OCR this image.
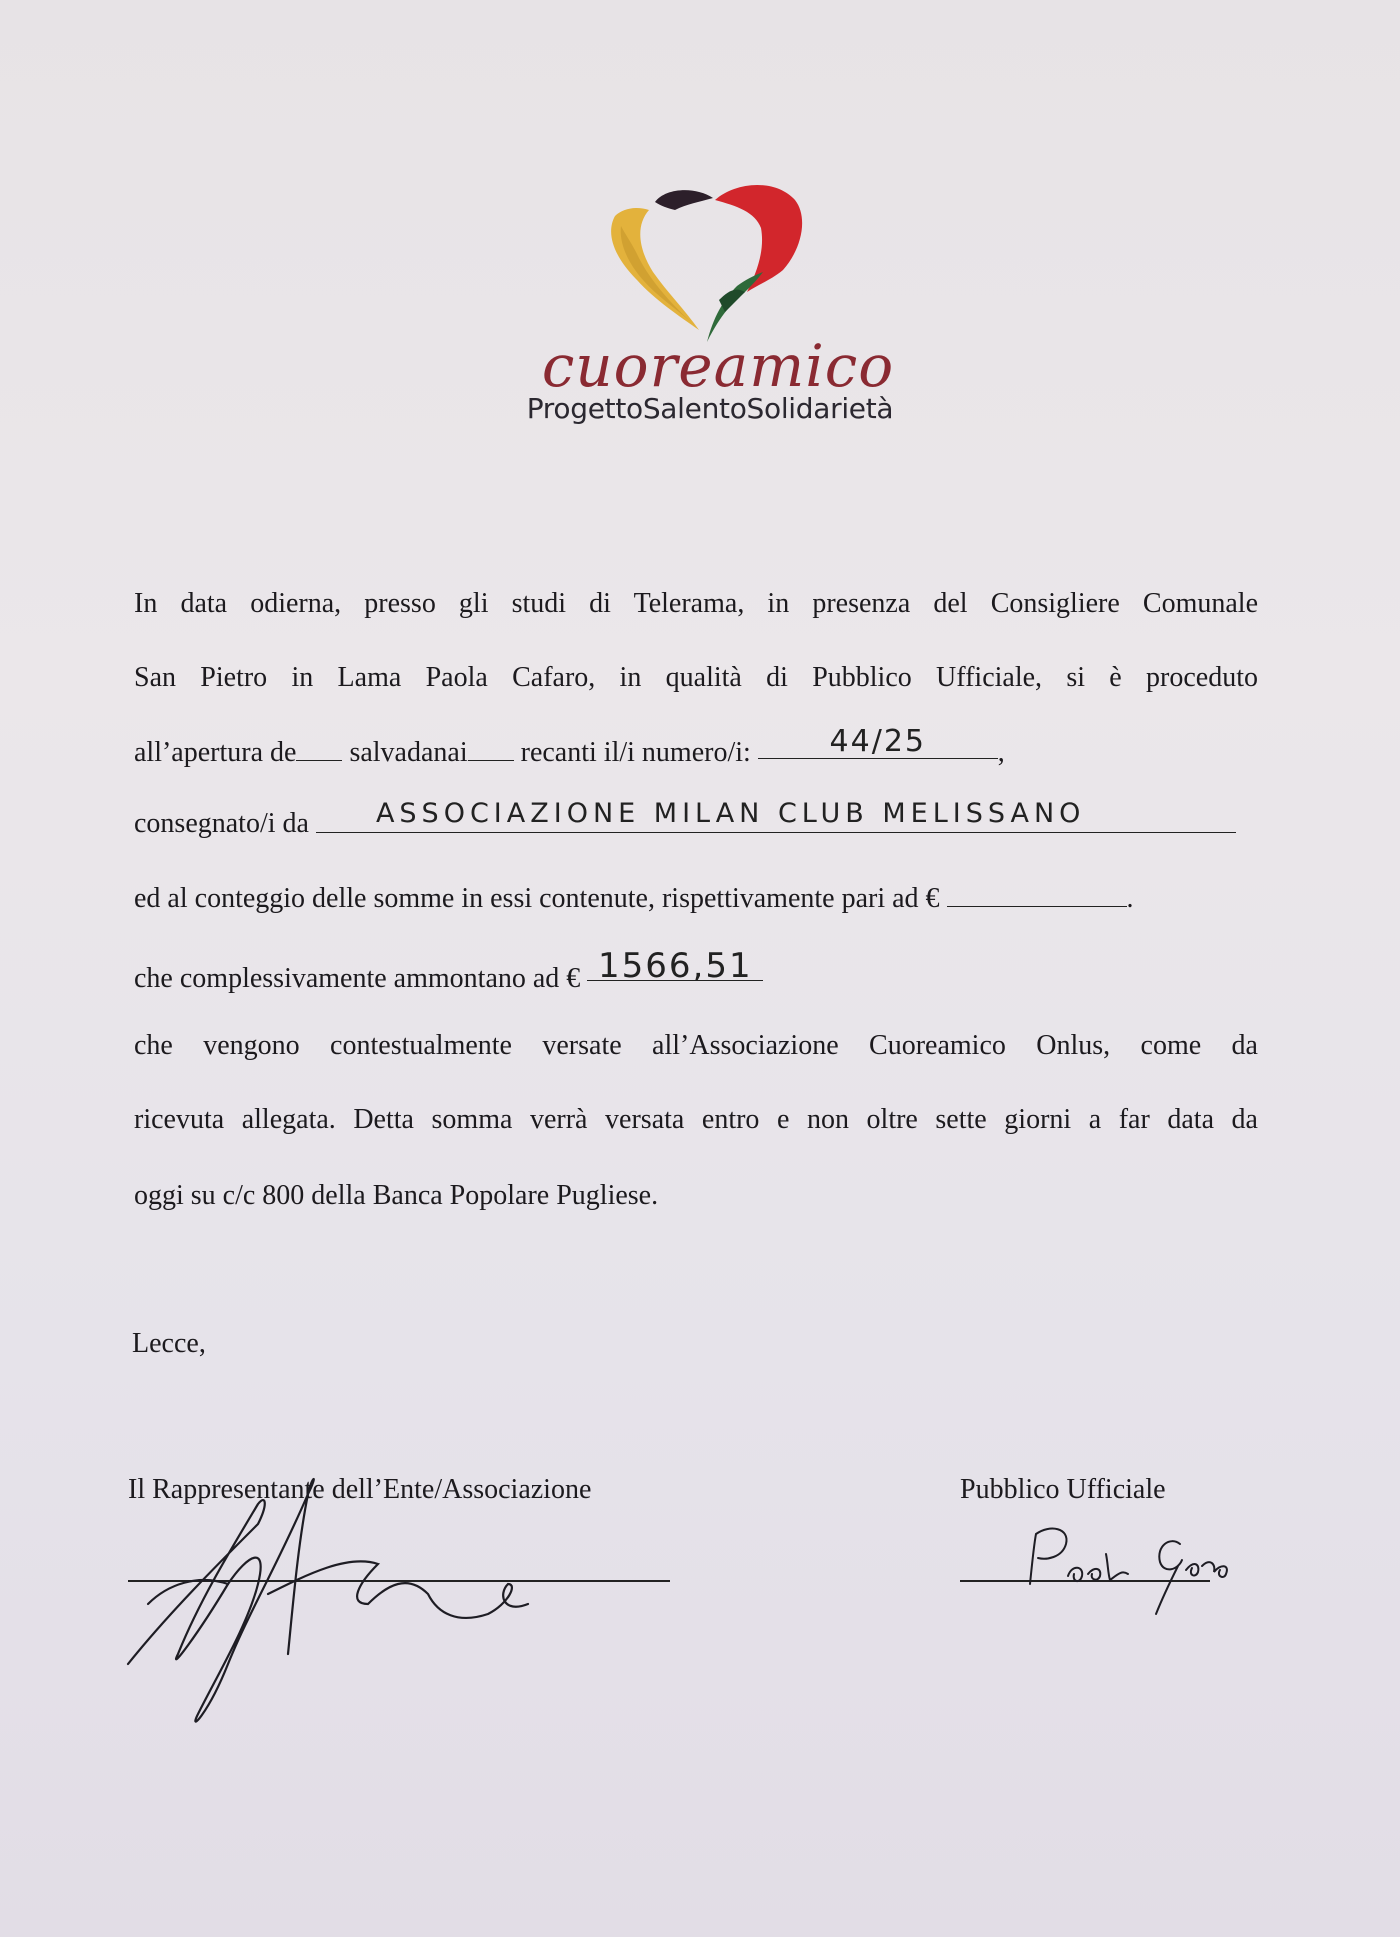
cuoreamico
ProgettoSalentoSolidarietà
In data odierna, presso gli studi di Telerama, in presenza del Consigliere Comunale
San Pietro in Lama Paola Cafaro, in qualità di Pubblico Ufficiale, si è proceduto
all’apertura de salvadanai recanti il/i numero/i:	44/25	,
consegnato/i da ASSOCIAZIONE MILAN CLUB MELISSANO
ed al conteggio delle somme in essi contenute, rispettivamente pari ad €	.
che complessivamente ammontano ad € 1566,51
che vengono contestualmente versate all’Associazione Cuoreamico Onlus, come da
ricevuta allegata. Detta somma verrà versata entro e non oltre sette giorni a far data da
oggi su c/c 800 della Banca Popolare Pugliese.
Lecce,
Il Rappresentante dell’Ente/Associazione	Pubblico Ufficiale
